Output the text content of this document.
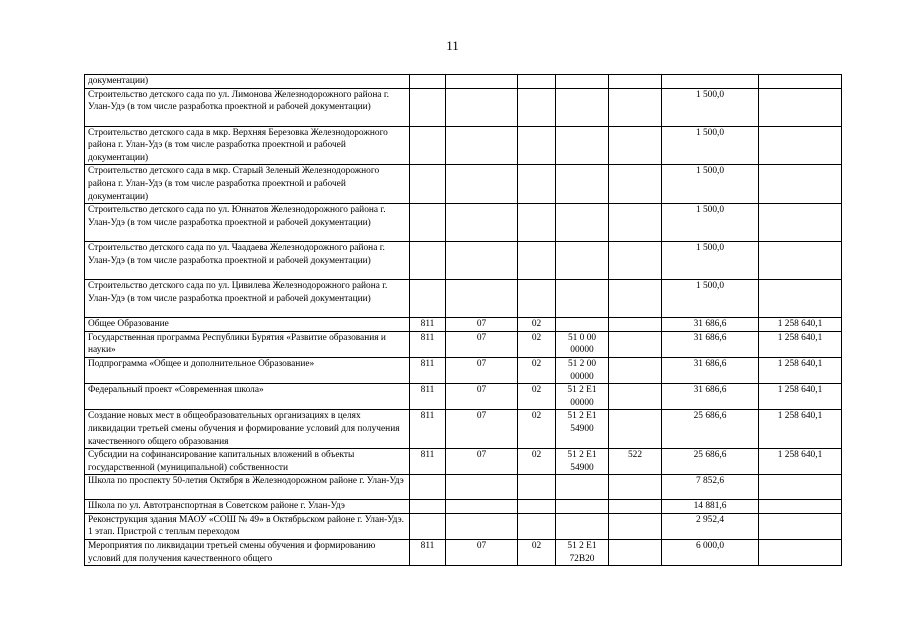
11
документации)							
Строительство детского сада по ул. Лимонова Железнодорожного района г. Улан-Удэ (в том числе разработка проектной и рабочей документации)						1 500,0	
Строительство детского сада в мкр. Верхняя Березовка Железнодорожного района г. Улан-Удэ (в том числе разработка проектной и рабочей документации)						1 500,0	
Строительство детского сада в мкр. Старый Зеленый Железнодорожного района г. Улан-Удэ (в том числе разработка проектной и рабочей документации)						1 500,0	
Строительство детского сада по ул. Юннатов Железнодорожного района г. Улан-Удэ (в том числе разработка проектной и рабочей документации)						1 500,0	
Строительство детского сада по ул. Чаадаева Железнодорожного района г. Улан-Удэ (в том числе разработка проектной и рабочей документации)						1 500,0	
Строительство детского сада по ул. Цивилева Железнодорожного района г. Улан-Удэ (в том числе разработка проектной и рабочей документации)						1 500,0	
Общее Образование	811	07	02			31 686,6	1 258 640,1
Государственная программа Республики Бурятия «Развитие образования и науки»	811	07	02	51 0 00 00000		31 686,6	1 258 640,1
Подпрограмма «Общее и дополнительное Образование»	811	07	02	51 2 00 00000		31 686,6	1 258 640,1
Федеральный проект «Современная школа»	811	07	02	51 2 E1 00000		31 686,6	1 258 640,1
Создание новых мест в общеобразовательных организациях в целях ликвидации третьей смены обучения и формирование условий для получения качественного общего образования	811	07	02	51 2 E1 54900		25 686,6	1 258 640,1
Субсидии на софинансирование капитальных вложений в объекты государственной (муниципальной) собственности	811	07	02	51 2 E1 54900	522	25 686,6	1 258 640,1
Школа по проспекту 50-летия Октября в Железнодорожном районе г. Улан-Удэ						7 852,6	
Школа по ул. Автотранспортная в Советском районе г. Улан-Удэ						14 881,6	
Реконструкция здания МАОУ «СОШ № 49» в Октябрьском районе г. Улан-Удэ. 1 этап. Пристрой с теплым переходом						2 952,4	
Мероприятия по ликвидации третьей смены обучения и формированию условий для получения качественного общего	811	07	02	51 2 E1 72B20		6 000,0	
